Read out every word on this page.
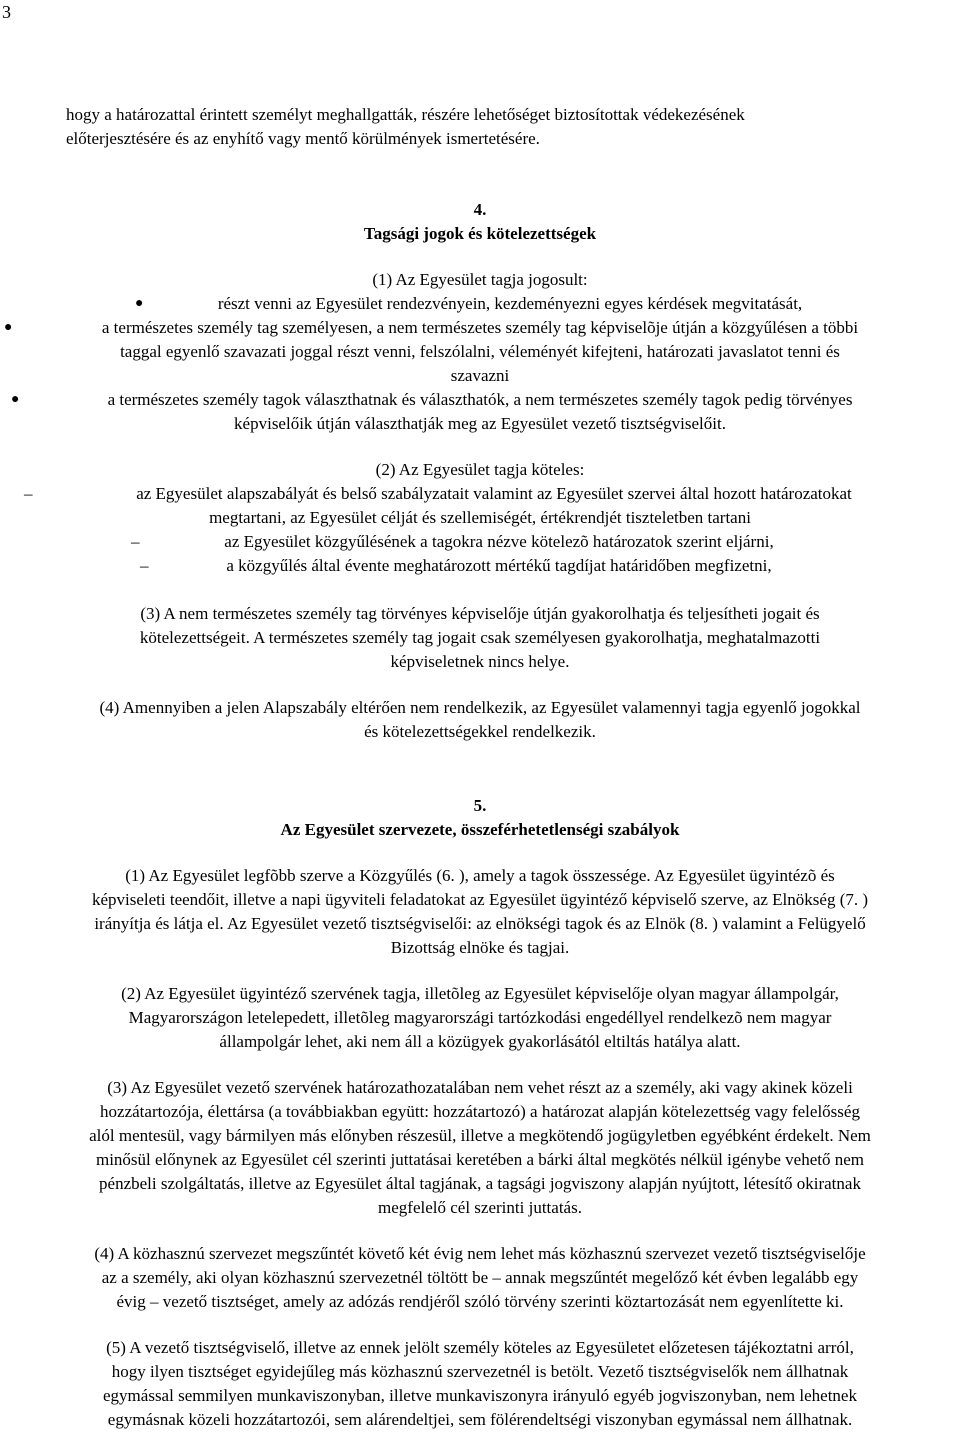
3

hogy a határozattal érintett személyt meghallgatták, részére lehetőséget biztosítottak védekezésének

előterjesztésére és az enyhítő vagy mentő körülmények ismertetésére.

4.

Tagsági jogok és kötelezettségek

(1) Az Egyesület tagja jogosult:

●	részt venni az Egyesület rendezvényein, kezdeményezni egyes kérdések megvitatását,

●	a természetes személy tag személyesen, a nem természetes személy tag képviselõje útján a közgyűlésen a többi

taggal egyenlő szavazati joggal részt venni, felszólalni, véleményét kifejteni, határozati javaslatot tenni és

szavazni

●	a természetes személy tagok választhatnak és választhatók, a nem természetes személy tagok pedig törvényes

képviselőik útján választhatják meg az Egyesület vezető tisztségviselőit.

(2) Az Egyesület tagja köteles:

–	az Egyesület alapszabályát és belső szabályzatait valamint az Egyesület szervei által hozott határozatokat

megtartani, az Egyesület célját és szellemiségét, értékrendjét tiszteletben tartani

–	az Egyesület közgyűlésének a tagokra nézve kötelezõ határozatok szerint eljárni,

–	a közgyűlés által évente meghatározott mértékű tagdíjat határidőben megfizetni,

(3) A nem természetes személy tag törvényes képviselője útján gyakorolhatja és teljesítheti jogait és

kötelezettségeit. A természetes személy tag jogait csak személyesen gyakorolhatja, meghatalmazotti

képviseletnek nincs helye.

(4) Amennyiben a jelen Alapszabály eltérően nem rendelkezik, az Egyesület valamennyi tagja egyenlő jogokkal

és kötelezettségekkel rendelkezik.

5.

Az Egyesület szervezete, összeférhetetlenségi szabályok

(1) Az Egyesület legfõbb szerve a Közgyűlés (6. ), amely a tagok összessége. Az Egyesület ügyintézõ és

képviseleti teendőit, illetve a napi ügyviteli feladatokat az Egyesület ügyintéző képviselő szerve, az Elnökség (7. )

irányítja és látja el. Az Egyesület vezető tisztségviselői: az elnökségi tagok és az Elnök (8. ) valamint a Felügyelő

Bizottság elnöke és tagjai.

(2) Az Egyesület ügyintéző szervének tagja, illetõleg az Egyesület képviselője olyan magyar állampolgár,

Magyarországon letelepedett, illetõleg magyarországi tartózkodási engedéllyel rendelkezõ nem magyar

állampolgár lehet, aki nem áll a közügyek gyakorlásától eltiltás hatálya alatt.

(3) Az Egyesület vezető szervének határozathozatalában nem vehet részt az a személy, aki vagy akinek közeli

hozzátartozója, élettársa (a továbbiakban együtt: hozzátartozó) a határozat alapján kötelezettség vagy felelősség

alól mentesül, vagy bármilyen más előnyben részesül, illetve a megkötendő jogügyletben egyébként érdekelt. Nem

minősül előnynek az Egyesület cél szerinti juttatásai keretében a bárki által megkötés nélkül igénybe vehető nem

pénzbeli szolgáltatás, illetve az Egyesület által tagjának, a tagsági jogviszony alapján nyújtott, létesítő okiratnak

megfelelő cél szerinti juttatás.

(4) A közhasznú szervezet megszűntét követő két évig nem lehet más közhasznú szervezet vezető tisztségviselője

az a személy, aki olyan közhasznú szervezetnél töltött be – annak megszűntét megelőző két évben legalább egy

évig – vezető tisztséget, amely az adózás rendjéről szóló törvény szerinti köztartozását nem egyenlítette ki.

(5) A vezető tisztségviselő, illetve az ennek jelölt személy köteles az Egyesületet előzetesen tájékoztatni arról,

hogy ilyen tisztséget egyidejűleg más közhasznú szervezetnél is betölt. Vezető tisztségviselők nem állhatnak

egymással semmilyen munkaviszonyban, illetve munkaviszonyra irányuló egyéb jogviszonyban, nem lehetnek

egymásnak közeli hozzátartozói, sem alárendeltjei, sem fölérendeltségi viszonyban egymással nem állhatnak.
